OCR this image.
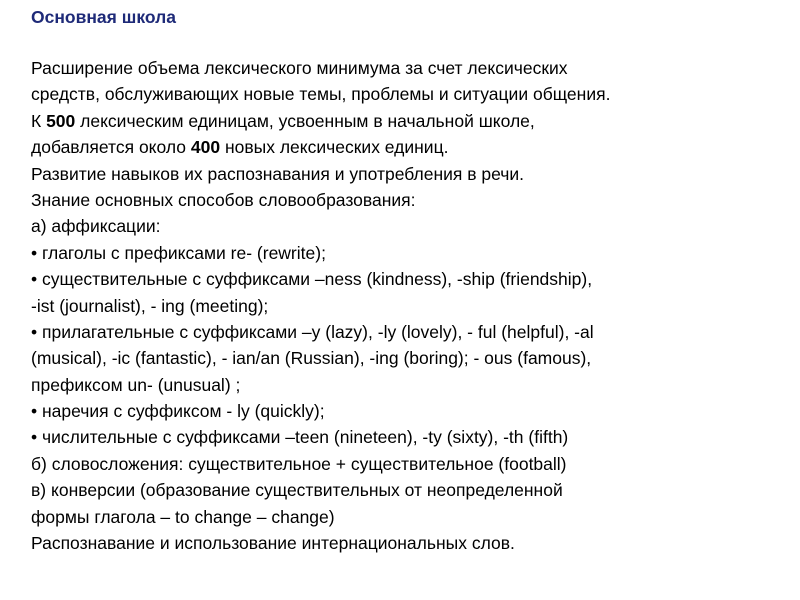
Основная школа
Расширение объема лексического минимума за счет лексических
средств, обслуживающих новые темы, проблемы и ситуации общения.
К 500 лексическим единицам, усвоенным в начальной школе,
добавляется около 400 новых лексических единиц.
Развитие навыков их распознавания и употребления в речи.
Знание основных способов словообразования:
а) аффиксации:
• глаголы с префиксами re- (rewrite);
• существительные с суффиксами –ness (kindness), -ship (friendship),
-ist (journalist), - ing (meeting);
• прилагательные с суффиксами –y (lazy), -ly (lovely), - ful (helpful), -al
(musical), -ic (fantastic), - ian/an (Russian), -ing (boring); - ous (famous),
префиксом un- (unusual) ;
• наречия с суффиксом - ly (quickly);
• числительные с суффиксами –teen (nineteen), -ty (sixty), -th (fifth)
б) словосложения: существительное + существительное (football)
в) конверсии (образование существительных от неопределенной
формы глагола – to change – change)
Распознавание и использование интернациональных слов.
